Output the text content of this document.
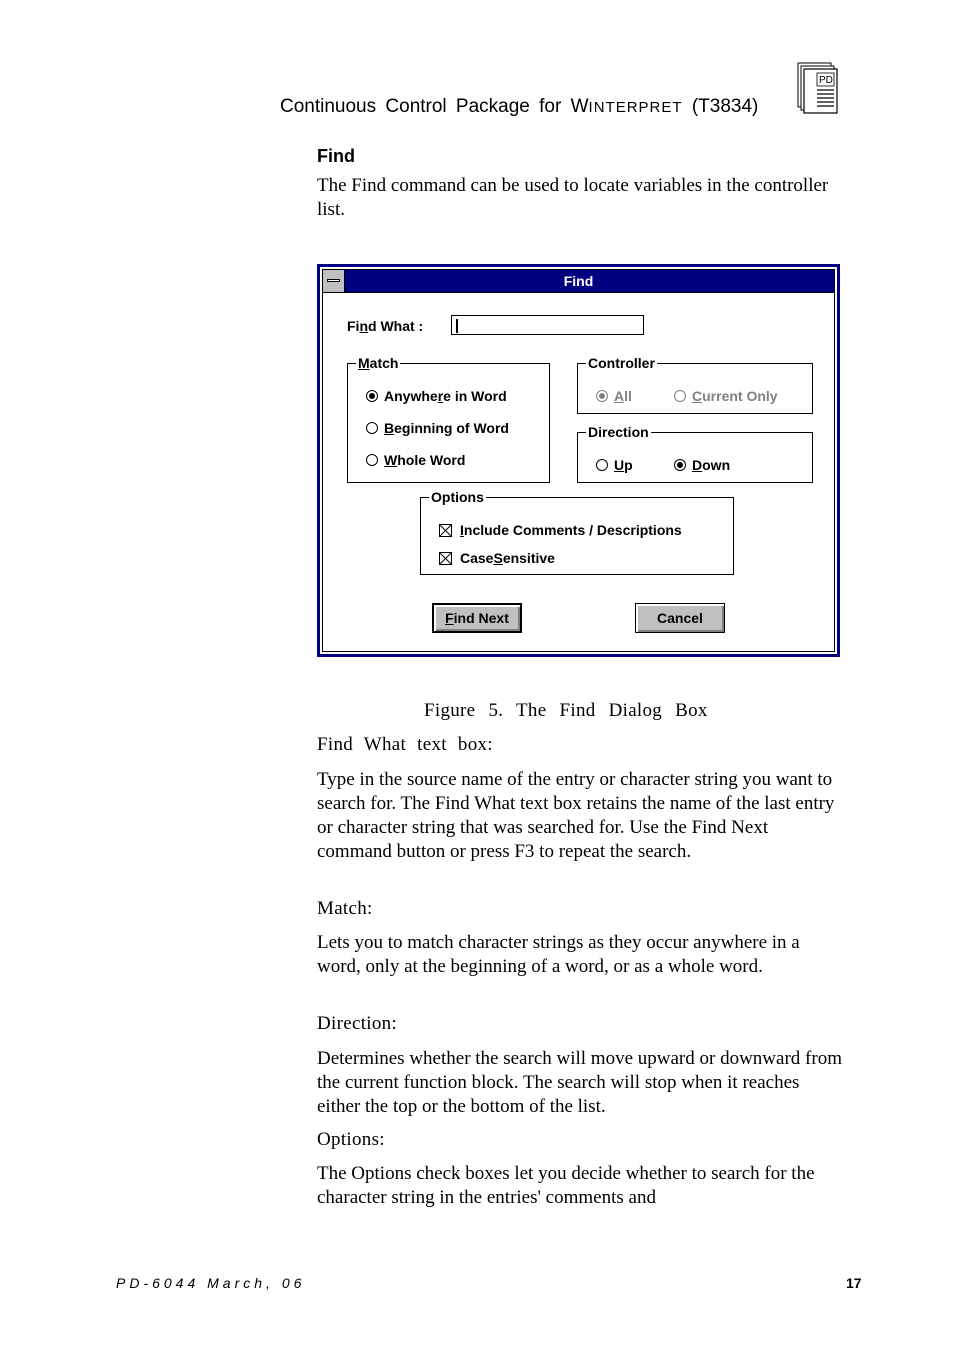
Continuous Control Package for WINTERPRET (T3834)
PD
Find
The Find command can be used to locate variables in the controller list.
Find
Find What :
Match
Anywhe r e in Word
B eginning of Word
W hole Word
Controller
All	Current Only
Direction
U p	D own
Options
I nclude Comments / Descriptions
Case S ensitive
Find Next	Cancel
Figure 5. The Find Dialog Box
Find What text box:
Type in the source name of the entry or character string you want to search for. The Find What text box retains the name of the last entry or character string that was searched for. Use the Find Next command button or press F3 to repeat the search.
Match:
Lets you to match character strings as they occur anywhere in a word, only at the beginning of a word, or as a whole word.
Direction:
Determines whether the search will move upward or downward from the current function block. The search will stop when it reaches either the top or the bottom of the list.
Options:
The Options check boxes let you decide whether to search for the character string in the entries' comments and
PD-6044 March, 06	17
